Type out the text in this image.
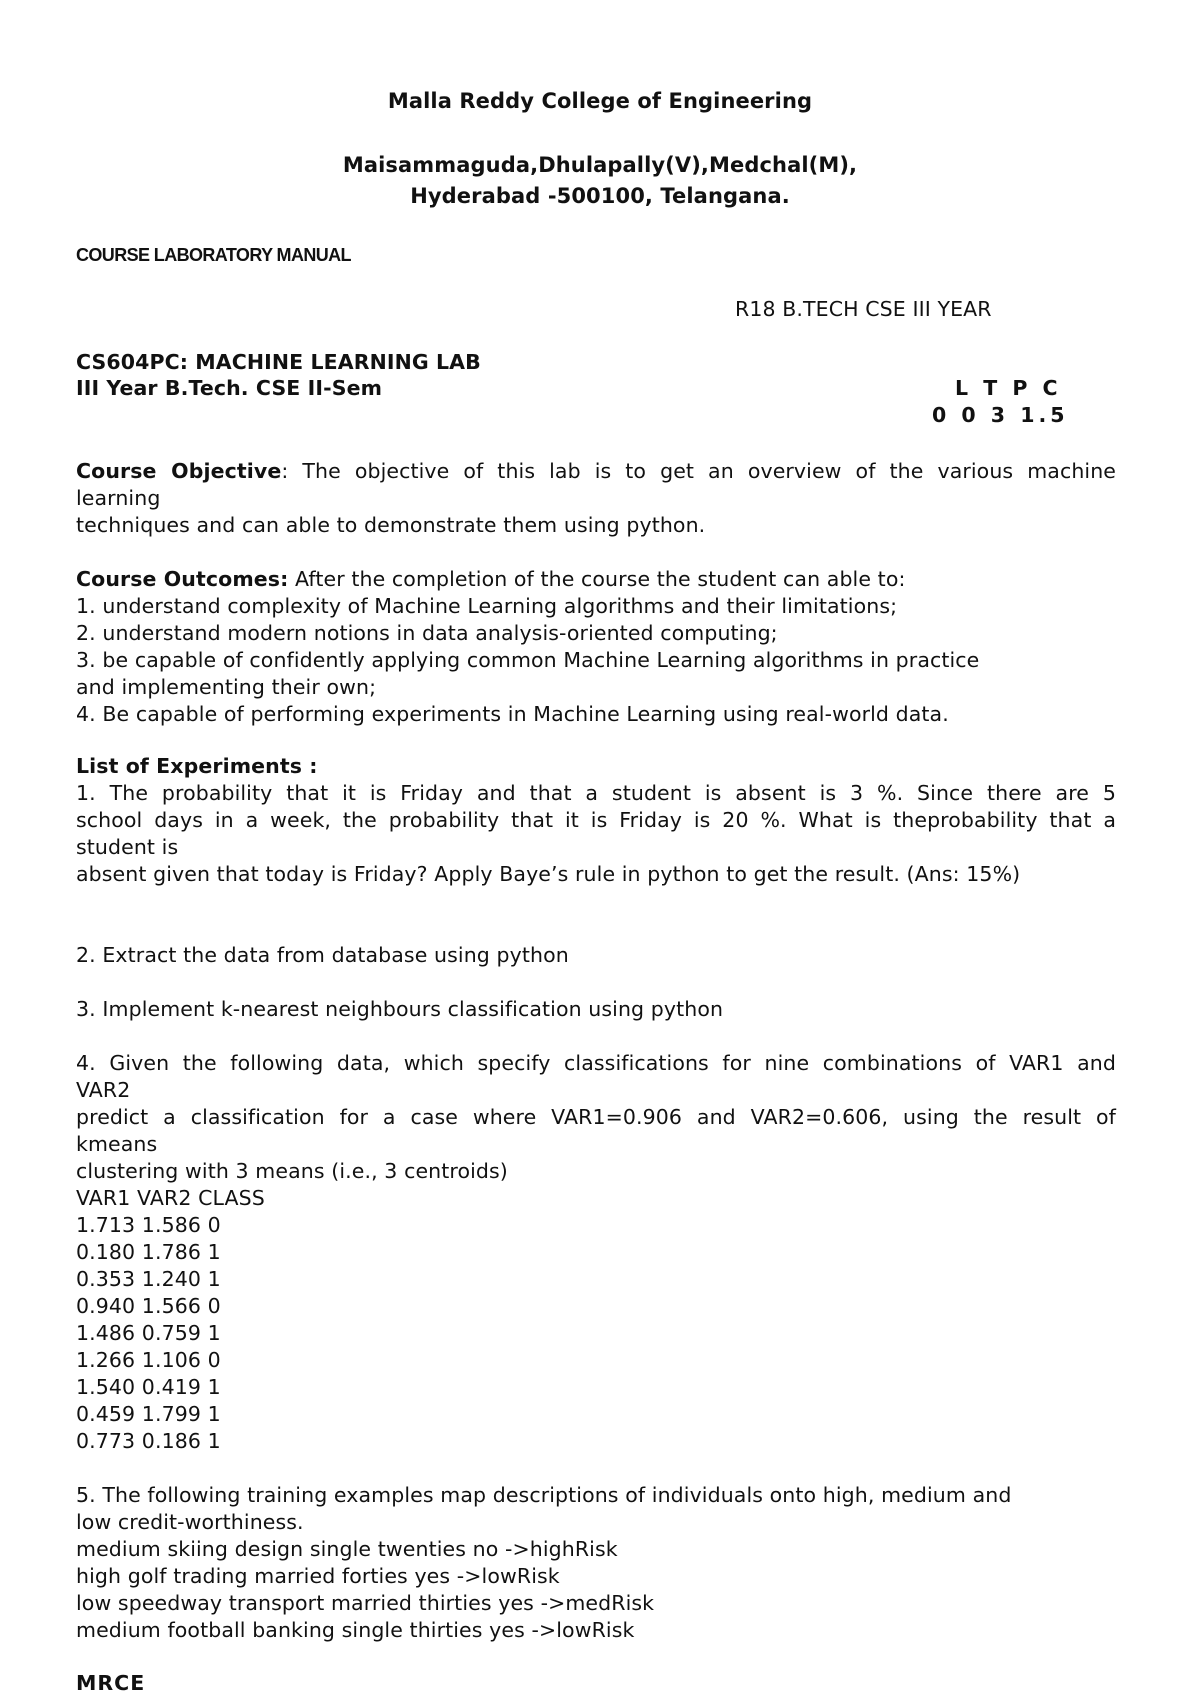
Malla Reddy College of Engineering
Maisammaguda,Dhulapally(V),Medchal(M),
Hyderabad -500100, Telangana.
COURSE LABORATORY MANUAL
R18 B.TECH CSE III YEAR
CS604PC: MACHINE LEARNING LAB
III Year B.Tech. CSE II-Sem	L T P C
0 0 3 1.5
Course Objective: The objective of this lab is to get an overview of the various machine
learning
techniques and can able to demonstrate them using python.
Course Outcomes: After the completion of the course the student can able to:
1. understand complexity of Machine Learning algorithms and their limitations;
2. understand modern notions in data analysis-oriented computing;
3. be capable of confidently applying common Machine Learning algorithms in practice
and implementing their own;
4. Be capable of performing experiments in Machine Learning using real-world data.
List of Experiments :
1. The probability that it is Friday and that a student is absent is 3 %. Since there are 5
school days in a week, the probability that it is Friday is 20 %. What is theprobability that a
student is
absent given that today is Friday? Apply Baye’s rule in python to get the result. (Ans: 15%)
2. Extract the data from database using python
3. Implement k-nearest neighbours classification using python
4. Given the following data, which specify classifications for nine combinations of VAR1 and
VAR2
predict a classification for a case where VAR1=0.906 and VAR2=0.606, using the result of
kmeans
clustering with 3 means (i.e., 3 centroids)
VAR1 VAR2 CLASS
1.713 1.586 0
0.180 1.786 1
0.353 1.240 1
0.940 1.566 0
1.486 0.759 1
1.266 1.106 0
1.540 0.419 1
0.459 1.799 1
0.773 0.186 1
5. The following training examples map descriptions of individuals onto high, medium and
low credit-worthiness.
medium skiing design single twenties no ->highRisk
high golf trading married forties yes ->lowRisk
low speedway transport married thirties yes ->medRisk
medium football banking single thirties yes ->lowRisk
MRCE
